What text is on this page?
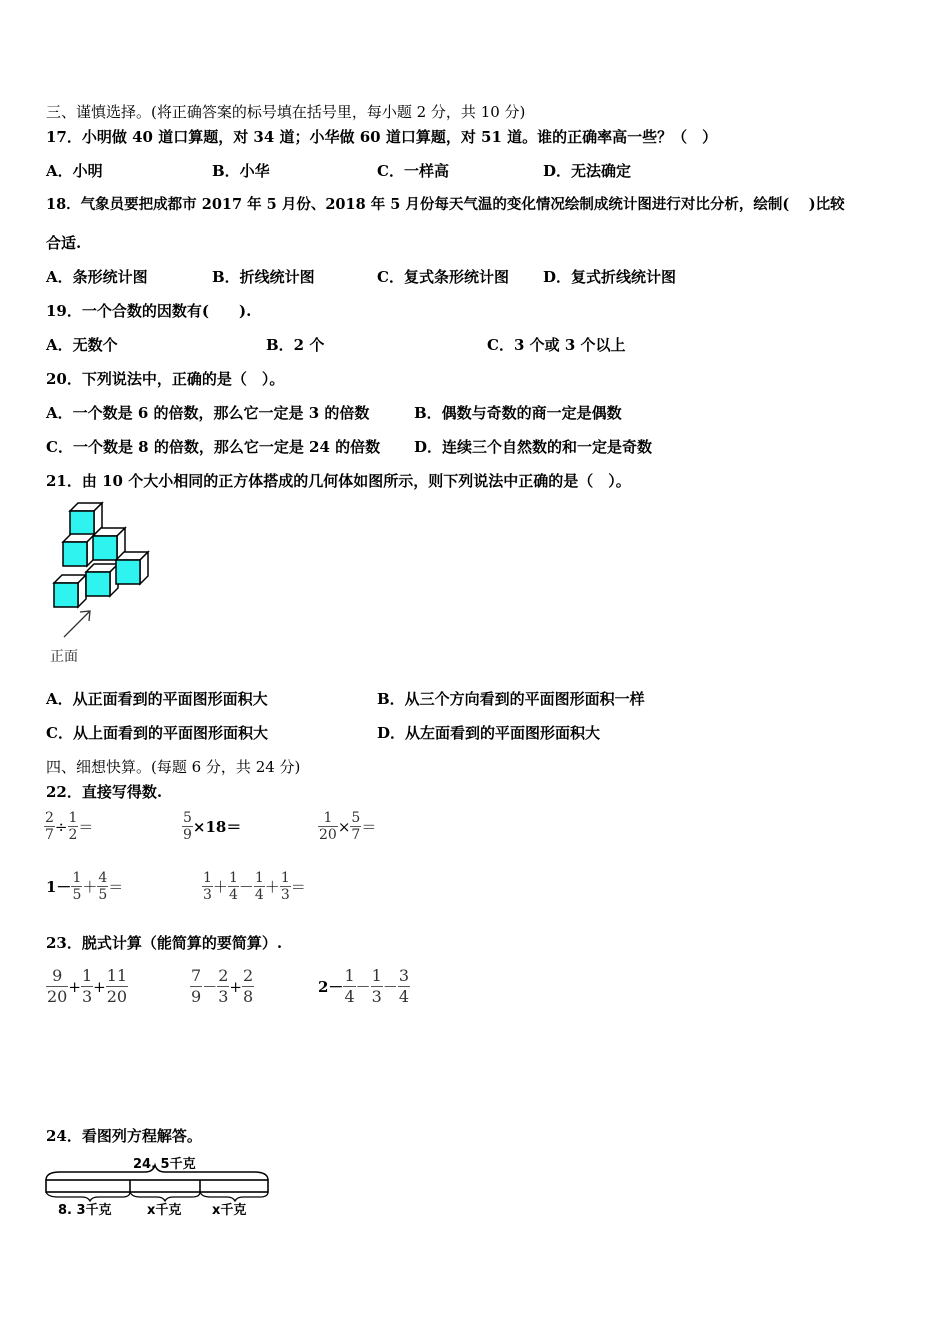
三、谨慎选择。(将正确答案的标号填在括号里，每小题 2 分，共 10 分)
17．小明做 40 道口算题，对 34 道；小华做 60 道口算题，对 51 道。谁的正确率高一些？（　）
A．小明	B．小华	C．一样高	D．无法确定
18．气象员要把成都市 2017 年 5 月份、2018 年 5 月份每天气温的变化情况绘制成统计图进行对比分析，绘制(　 )比较
合适.
A．条形统计图	B．折线统计图	C．复式条形统计图 D．复式折线统计图
19．一个合数的因数有(　　).
A．无数个	B．2 个	C．3 个或 3 个以上
20．下列说法中，正确的是（　）。
A．一个数是 6 的倍数，那么它一定是 3 的倍数	B．偶数与奇数的商一定是偶数
C．一个数是 8 的倍数，那么它一定是 24 的倍数 D．连续三个自然数的和一定是奇数
21．由 10 个大小相同的正方体搭成的几何体如图所示，则下列说法中正确的是（　）。
正面
A．从正面看到的平面图形面积大	B．从三个方向看到的平面图形面积一样
C．从上面看到的平面图形面积大	D．从左面看到的平面图形面积大
四、细想快算。(每题 6 分，共 24 分)
22．直接写得数.
$\frac{2}{7} \div \frac{1}{2}$ ＝	$\frac{5}{9} \times 18=$	$\frac{1}{20} \times \frac{5}{7}$ ＝
$1- \frac{1}{5} + \frac{4}{5}$ ＝	$\frac{1}{3} + \frac{1}{4} - \frac{1}{4} + \frac{1}{3}$ ＝
23．脱式计算（能简算的要简算）.
$\frac{9}{20} + \frac{1}{3} + \frac{11}{20}$	$\frac{7}{9} - \frac{2}{3} + \frac{2}{8}$	$2- \frac{1}{4} - \frac{1}{3} - \frac{3}{4}$
24．看图列方程解答。
24. 5千克
8. 3千克	x千克 x千克
